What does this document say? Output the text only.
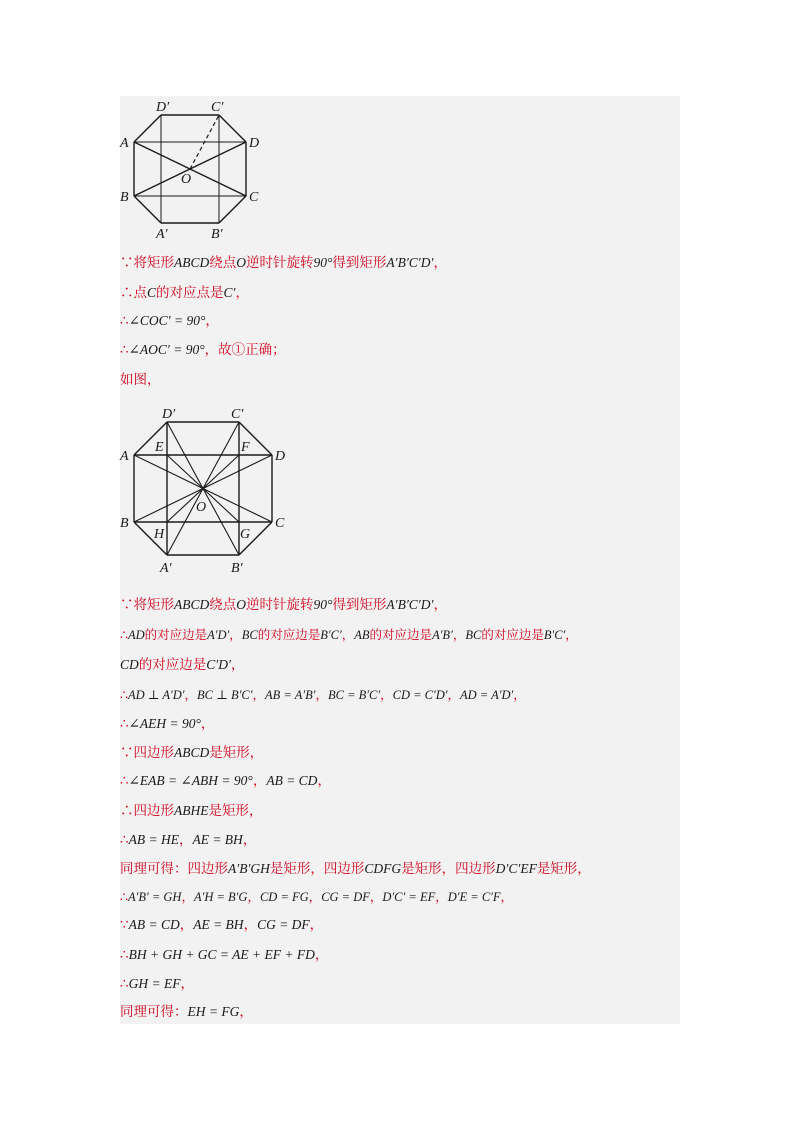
D′	C′
A	D
O
B	C
A′	B′
∵将矩形ABCD绕点O逆时针旋转90°得到矩形A′B′C′D′，
∴点C的对应点是C′，
∴∠COC′ = 90°，
∴∠AOC′ = 90°，故①正确；
如图，
D′	C′
A
E	F
D
O
B	C
H	G
A′	B′
∵将矩形ABCD绕点O逆时针旋转90°得到矩形A′B′C′D′，
∴AD的对应边是A′D′，BC的对应边是B′C′，AB的对应边是A′B′，BC的对应边是B′C′，
CD的对应边是C′D′，
∴AD ⊥ A′D′，BC ⊥ B′C′，AB = A′B′，BC = B′C′，CD = C′D′，AD = A′D′，
∴∠AEH = 90°，
∵四边形ABCD是矩形，
∴∠EAB = ∠ABH = 90°，AB = CD，
∴四边形ABHE是矩形，
∴AB = HE，AE = BH，
同理可得：四边形A′B′GH是矩形，四边形CDFG是矩形，四边形D′C′EF是矩形，
∴A′B′ = GH，A′H = B′G，CD = FG，CG = DF，D′C′ = EF，D′E = C′F，
∵AB = CD，AE = BH，CG = DF，
∴BH + GH + GC = AE + EF + FD，
∴GH = EF，
同理可得：EH = FG，
